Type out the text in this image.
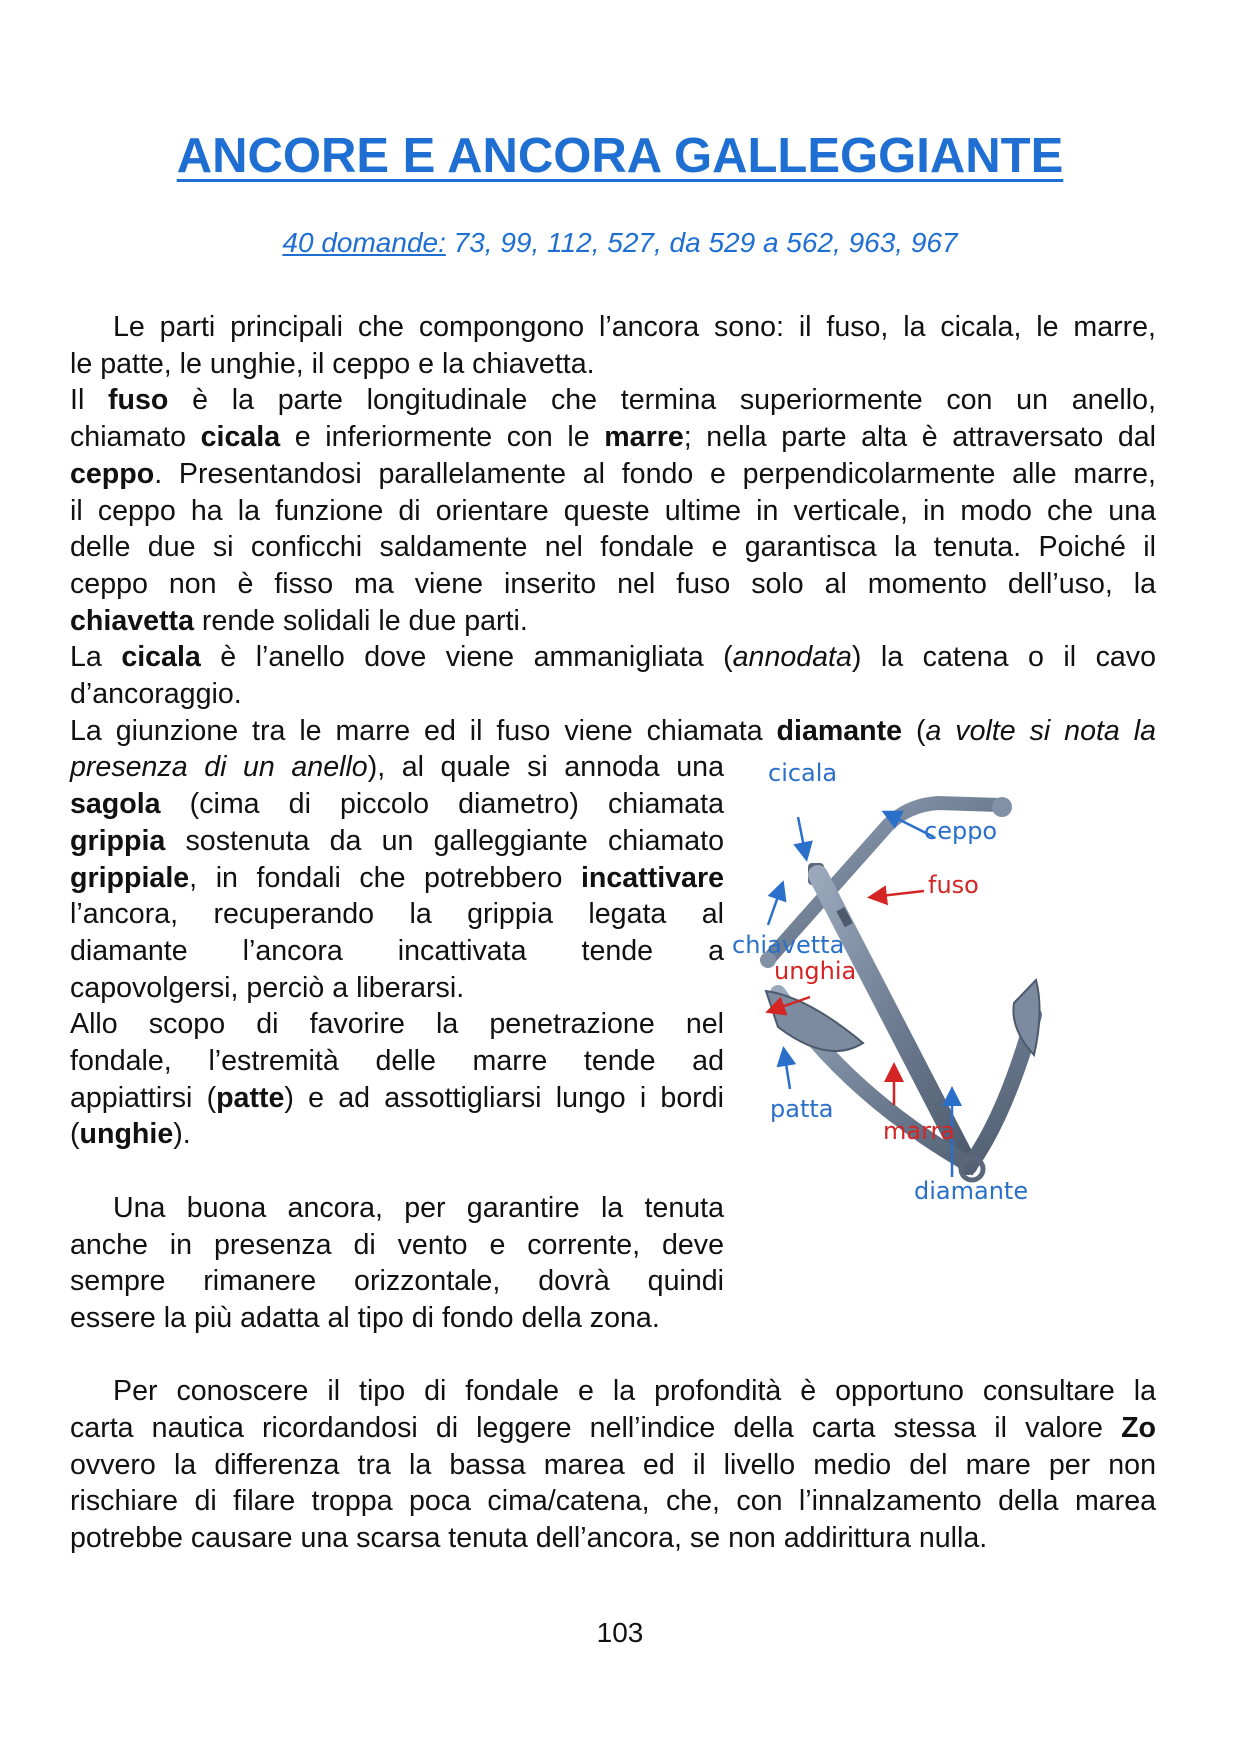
ANCORE E ANCORA GALLEGGIANTE
40 domande: 73, 99, 112, 527, da 529 a 562, 963, 967
Le parti principali che compongono l’ancora sono: il fuso, la cicala, le marre,
le patte, le unghie, il ceppo e la chiavetta.
Il fuso è la parte longitudinale che termina superiormente con un anello,
chiamato cicala e inferiormente con le marre; nella parte alta è attraversato dal
ceppo. Presentandosi parallelamente al fondo e perpendicolarmente alle marre,
il ceppo ha la funzione di orientare queste ultime in verticale, in modo che una
delle due si conficchi saldamente nel fondale e garantisca la tenuta. Poiché il
ceppo non è fisso ma viene inserito nel fuso solo al momento dell’uso, la
chiavetta rende solidali le due parti.
La cicala è l’anello dove viene ammanigliata (annodata) la catena o il cavo
d’ancoraggio.
La giunzione tra le marre ed il fuso viene chiamata diamante (a volte si nota la
presenza di un anello), al quale si annoda una
sagola (cima di piccolo diametro) chiamata
grippia sostenuta da un galleggiante chiamato
grippiale, in fondali che potrebbero incattivare
l’ancora, recuperando la grippia legata al
diamante l’ancora incattivata tende a
capovolgersi, perciò a liberarsi.
Allo scopo di favorire la penetrazione nel
fondale, l’estremità delle marre tende ad
appiattirsi (patte) e ad assottigliarsi lungo i bordi
(unghie).
Una buona ancora, per garantire la tenuta
anche in presenza di vento e corrente, deve
sempre rimanere orizzontale, dovrà quindi
essere la più adatta al tipo di fondo della zona.
Per conoscere il tipo di fondale e la profondità è opportuno consultare la
carta nautica ricordandosi di leggere nell’indice della carta stessa il valore Zo
ovvero la differenza tra la bassa marea ed il livello medio del mare per non
rischiare di filare troppa poca cima/catena, che, con l’innalzamento della marea
potrebbe causare una scarsa tenuta dell’ancora, se non addirittura nulla.
cicala
ceppo
fuso
chiavetta
unghia
patta
marra
diamante
103
